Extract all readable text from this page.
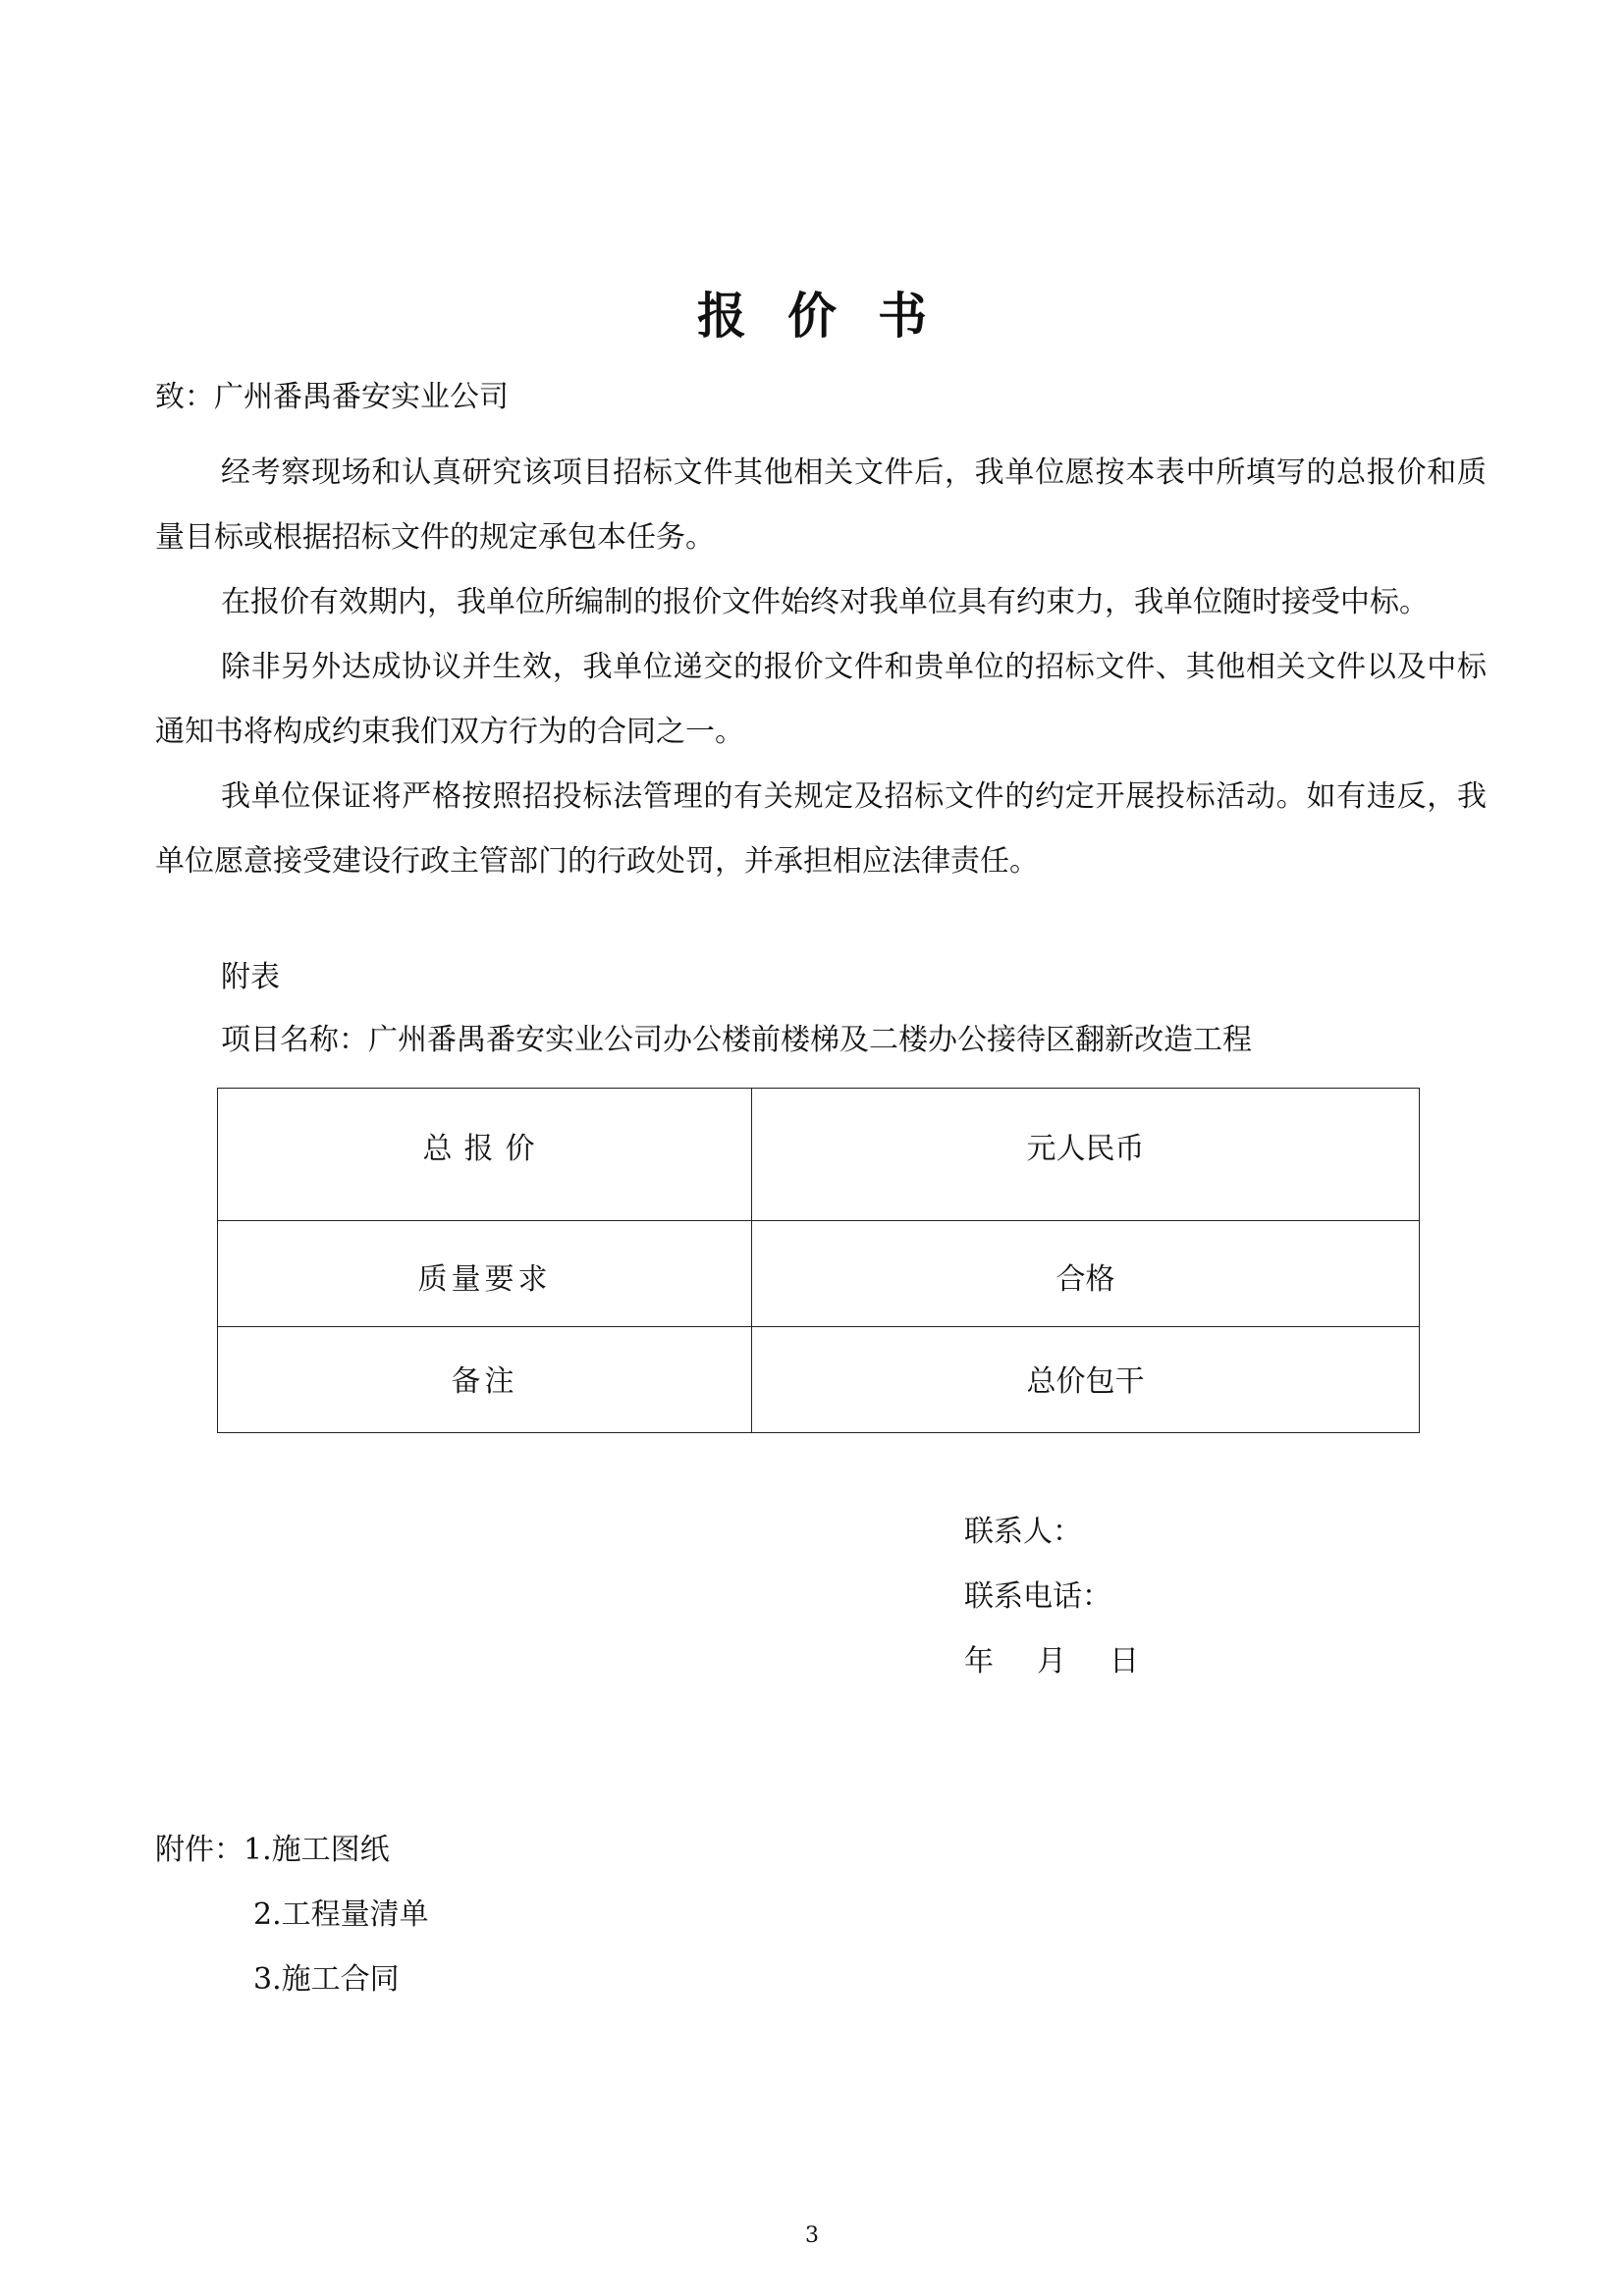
报价书
致：广州番禺番安实业公司

经考察现场和认真研究该项目招标文件其他相关文件后，我单位愿按本表中所填写的总报价和质量目标或根据招标文件的规定承包本任务。

在报价有效期内，我单位所编制的报价文件始终对我单位具有约束力，我单位随时接受中标。

除非另外达成协议并生效，我单位递交的报价文件和贵单位的招标文件、其他相关文件以及中标通知书将构成约束我们双方行为的合同之一。

我单位保证将严格按照招投标法管理的有关规定及招标文件的约定开展投标活动。如有违反，我单位愿意接受建设行政主管部门的行政处罚，并承担相应法律责任。

附表
项目名称：广州番禺番安实业公司办公楼前楼梯及二楼办公接待区翻新改造工程
总报价	元人民币

质量要求	合格

备注	总价包干
联系人：
联系电话：
年 月 日
附件：1.施工图纸
2.工程量清单
3.施工合同
3
